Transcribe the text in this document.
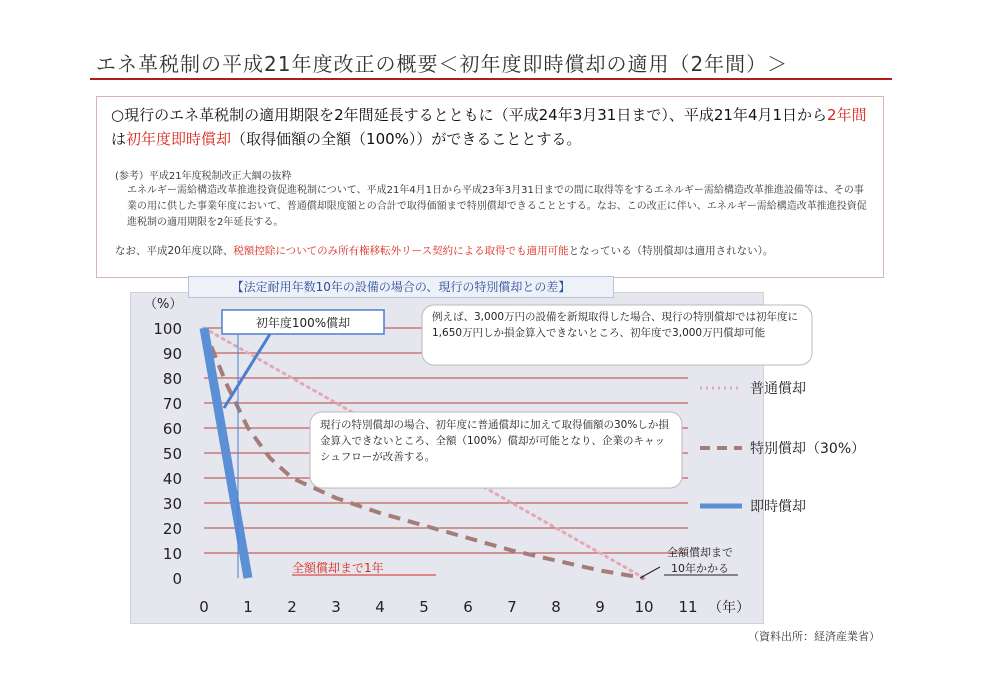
エネ革税制の平成21年度改正の概要＜初年度即時償却の適用（2年間）＞
○現行のエネ革税制の適用期限を2年間延長するとともに（平成24年3月31日まで）、平成21年4月1日から2年間は初年度即時償却（取得価額の全額（100%））ができることとする。
(参考）平成21年度税制改正大綱の抜粋
エネルギー需給構造改革推進投資促進税制について、平成21年4月1日から平成23年3月31日までの間に取得等をするエネルギー需給構造改革推進設備等は、その事業の用に供した事業年度において、普通償却限度額との合計で取得価額まで特別償却できることとする。なお、この改正に伴い、エネルギー需給構造改革推進投資促進税制の適用期限を2年延長する。
なお、平成20年度以降、税額控除についてのみ所有権移転外リース契約による取得でも適用可能となっている（特別償却は適用されない）。
【法定耐用年数10年の設備の場合の、現行の特別償却との差】
0
10
20
30
40
50
60
70
80
90
100
0 1 2 3 4 5 6 7 8 9 10 11
初年度100%償却	例えば、3,000万円の設備を新規取得した場合、現行の特別償却では初年度に1,650万円しか損金算入できないところ、初年度で3,000万円償却可能
現行の特別償却の場合、初年度に普通償却に加えて取得価額の30%しか損金算入できないところ、全額（100%）償却が可能となり、企業のキャッシュフローが改善する。
普通償却
特別償却（30%）
即時償却
全額償却まで1年
全額償却まで
10年かかる
（%）
（年）
（資料出所：経済産業省）
